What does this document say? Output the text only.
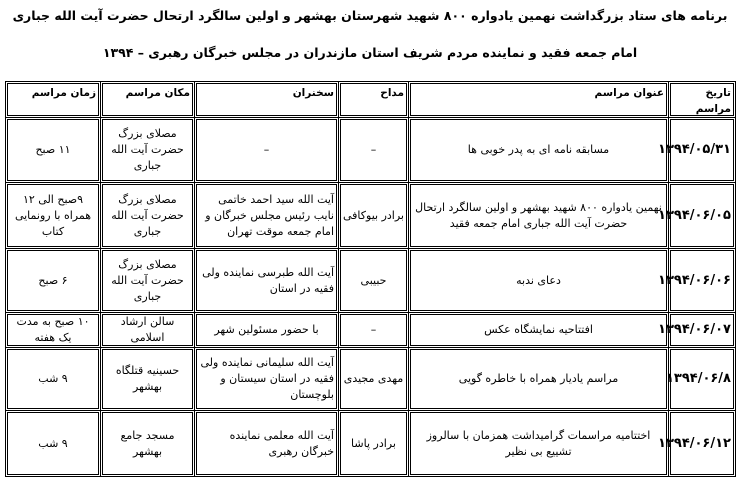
برنامه های ستاد بزرگداشت نهمین یادواره ۸۰۰ شهید شهرستان بهشهر و اولین سالگرد ارتحال حضرت آیت الله جباری
امام جمعه فقید و نماینده مردم شریف استان مازندران در مجلس خبرگان رهبری – ۱۳۹۴
تاریخ مراسم	عنوان مراسم	مداح	سخنران	مکان مراسم	زمان مراسم
۱۳۹۴/۰۵/۳۱	مسابقه نامه ای به پدر خوبی ها	–	–	مصلای بزرگ حضرت آیت الله جباری	۱۱ صبح
۱۳۹۴/۰۶/۰۵	نهمین یادواره ۸۰۰ شهید بهشهر و اولین سالگرد ارتحال حضرت آیت الله جباری امام جمعه فقید	برادر بیوکافی	آیت الله سید احمد خاتمی نایب رئیس مجلس خبرگان و امام جمعه موقت تهران	مصلای بزرگ حضرت آیت الله جباری	۹صبح الی ۱۲ همراه با رونمایی کتاب
۱۳۹۴/۰۶/۰۶	دعای ندبه	حبیبی	آیت الله طبرسی نماینده ولی فقیه در استان	مصلای بزرگ حضرت آیت الله جباری	۶ صبح
۱۳۹۴/۰۶/۰۷	افتتاحیه نمایشگاه عکس	–	با حضور مسئولین شهر	سالن ارشاد اسلامی	۱۰ صبح به مدت یک هفته
۱۳۹۴/۰۶/۸	مراسم یادیار همراه با خاطره گویی	مهدی مجیدی	آیت الله سلیمانی نماینده ولی فقیه در استان سیستان و بلوچستان	حسینیه قتلگاه بهشهر	۹ شب
۱۳۹۴/۰۶/۱۲	اختتامیه مراسمات گرامیداشت همزمان با سالروز تشییع بی نظیر	برادر پاشا	آیت الله معلمی نماینده خبرگان رهبری	مسجد جامع بهشهر	۹ شب
